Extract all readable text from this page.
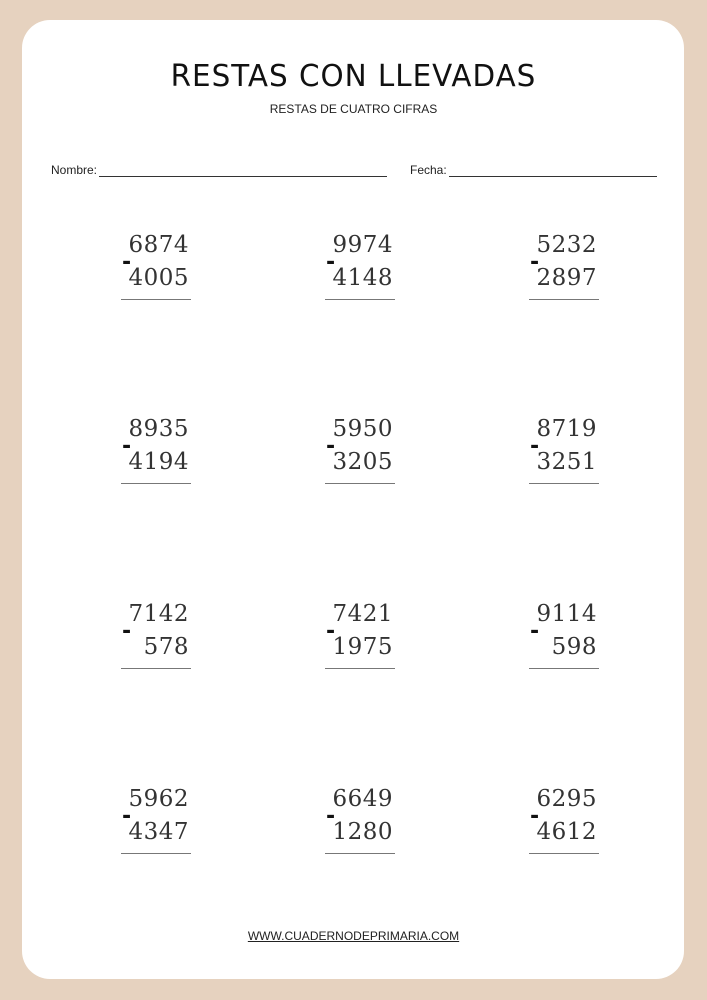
RESTAS CON LLEVADAS
RESTAS DE CUATRO CIFRAS
Nombre:	Fecha:
6874
-
4005
9974
-
4148
5232
-
2897
8935
-
4194
5950
-
3205
8719
-
3251
7142
-
578
7421
-
1975
9114
-
598
5962
-
4347
6649
-
1280
6295
-
4612
WWW.CUADERNODEPRIMARIA.COM
